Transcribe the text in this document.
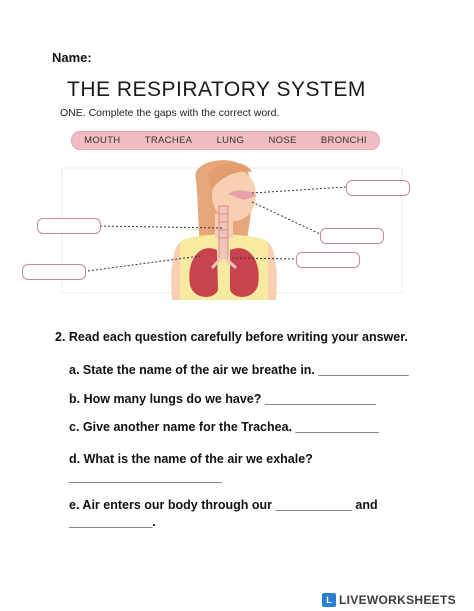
Name:
THE RESPIRATORY SYSTEM
ONE. Complete the gaps with the correct word.
MOUTH	TRACHEA	LUNG	NOSE	BRONCHI
2. Read each question carefully before writing your answer.
a. State the name of the air we breathe in. _____________
b. How many lungs do we have? ________________
c. Give another name for the Trachea. ____________
d. What is the name of the air we exhale?
______________________
e. Air enters our body through our ___________ and
____________.
L LIVEWORKSHEETS
